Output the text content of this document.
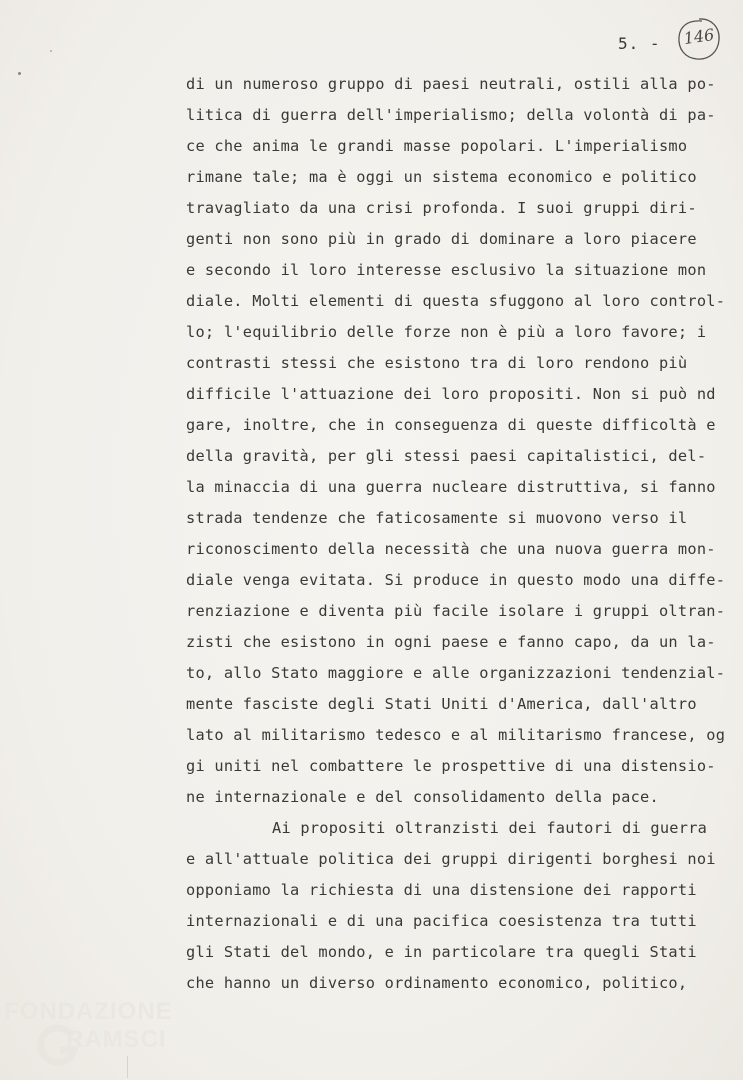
5. - 146
di un numeroso gruppo di paesi neutrali, ostili alla po-
litica di guerra dell'imperialismo; della volontà di pa-
ce che anima le grandi masse popolari. L'imperialismo
rimane tale; ma è oggi un sistema economico e politico
travagliato da una crisi profonda. I suoi gruppi diri-
genti non sono più in grado di dominare a loro piacere
e secondo il loro interesse esclusivo la situazione mon
diale. Molti elementi di questa sfuggono al loro control-
lo; l'equilibrio delle forze non è più a loro favore; i
contrasti stessi che esistono tra di loro rendono più
difficile l'attuazione dei loro propositi. Non si può nd
gare, inoltre, che in conseguenza di queste difficoltà e
della gravità, per gli stessi paesi capitalistici, del-
la minaccia di una guerra nucleare distruttiva, si fanno
strada tendenze che faticosamente si muovono verso il
riconoscimento della necessità che una nuova guerra mon-
diale venga evitata. Si produce in questo modo una diffe-
renziazione e diventa più facile isolare i gruppi oltran-
zisti che esistono in ogni paese e fanno capo, da un la-
to, allo Stato maggiore e alle organizzazioni tendenzial-
mente fasciste degli Stati Uniti d'America, dall'altro
lato al militarismo tedesco e al militarismo francese, og
gi uniti nel combattere le prospettive di una distensio-
ne internazionale e del consolidamento della pace.
Ai propositi oltranzisti dei fautori di guerra
e all'attuale politica dei gruppi dirigenti borghesi noi
opponiamo la richiesta di una distensione dei rapporti
internazionali e di una pacifica coesistenza tra tutti
gli Stati del mondo, e in particolare tra quegli Stati
che hanno un diverso ordinamento economico, politico,
FONDAZIONE
RAMSCI
